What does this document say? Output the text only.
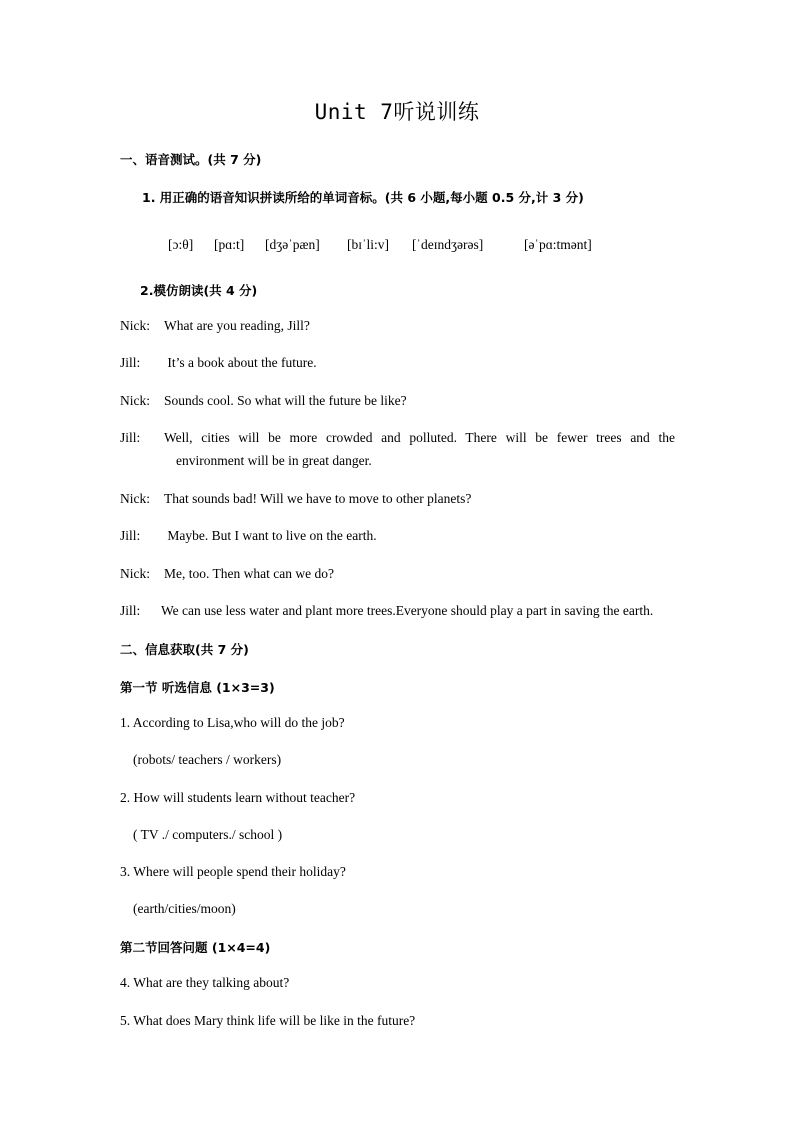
Unit 7听说训练
一、语音测试。(共 7 分)
1. 用正确的语音知识拼读所给的单词音标。(共 6 小题,每小题 0.5 分,计 3 分)
[ɔ:θ] [pɑ:t] [dʒəˈpæn] [bɪˈli:v] [ˈdeɪndʒərəs]	[əˈpɑ:tmənt]
2.模仿朗读(共 4 分)
Nick: What are you reading, Jill?
Jill: It’s a book about the future.
Nick: Sounds cool. So what will the future be like?
Jill: Well, cities will be more crowded and polluted. There will be fewer trees and the
environment will be in great danger.
Nick: That sounds bad! Will we have to move to other planets?
Jill: Maybe. But I want to live on the earth.
Nick: Me, too. Then what can we do?
Jill: We can use less water and plant more trees.Everyone should play a part in saving the earth.
二、信息获取(共 7 分)
第一节 听选信息 (1×3=3)
1. According to Lisa,who will do the job?
(robots/ teachers / workers)
2. How will students learn without teacher?
( TV ./ computers./ school )
3. Where will people spend their holiday?
(earth/cities/moon)
第二节回答问题 (1×4=4)
4. What are they talking about?
5. What does Mary think life will be like in the future?
